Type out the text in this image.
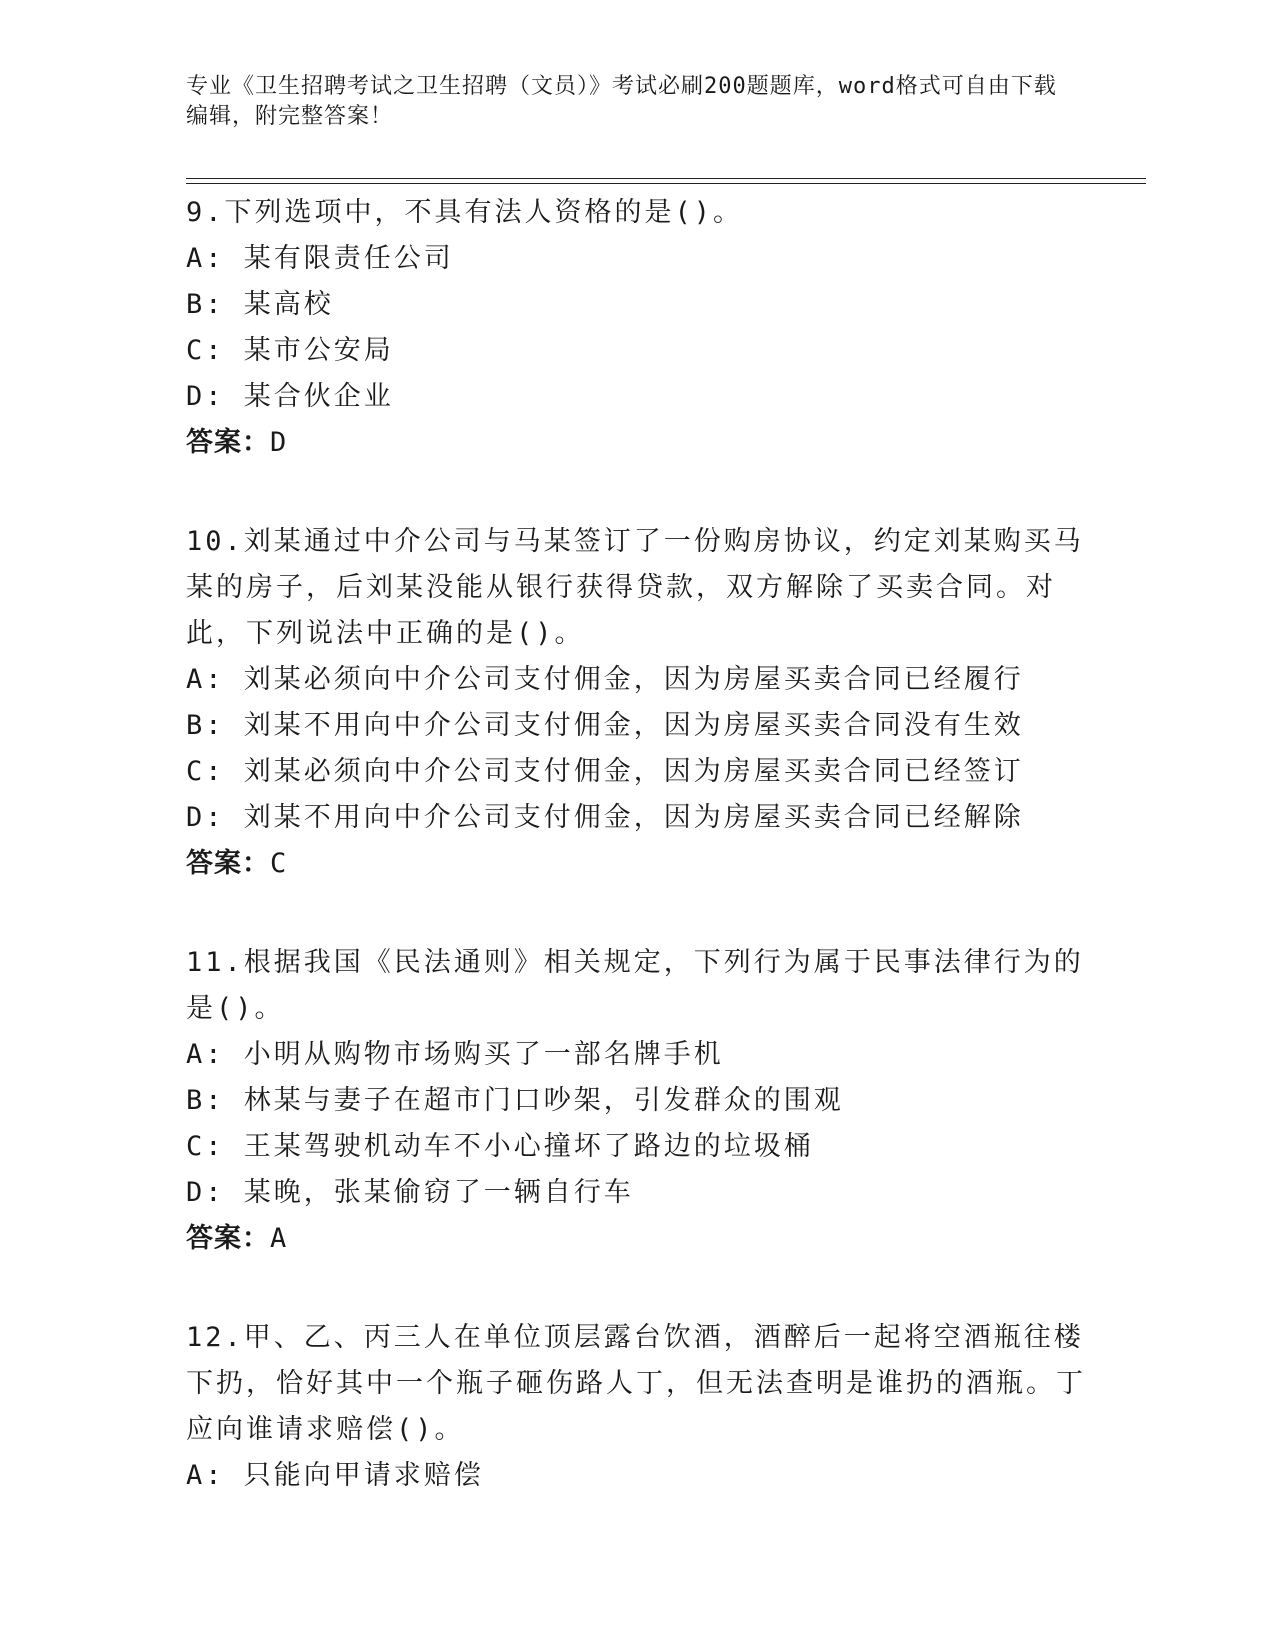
专业《卫生招聘考试之卫生招聘（文员）》考试必刷200题题库，word格式可自由下载编辑，附完整答案！
9.下列选项中，不具有法人资格的是()。
A: 某有限责任公司
B: 某高校
C: 某市公安局
D: 某合伙企业
答案：D
10.刘某通过中介公司与马某签订了一份购房协议，约定刘某购买马某的房子，后刘某没能从银行获得贷款，双方解除了买卖合同。对此，下列说法中正确的是()。
A: 刘某必须向中介公司支付佣金，因为房屋买卖合同已经履行
B: 刘某不用向中介公司支付佣金，因为房屋买卖合同没有生效
C: 刘某必须向中介公司支付佣金，因为房屋买卖合同已经签订
D: 刘某不用向中介公司支付佣金，因为房屋买卖合同已经解除
答案：C
11.根据我国《民法通则》相关规定，下列行为属于民事法律行为的是()。
A: 小明从购物市场购买了一部名牌手机
B: 林某与妻子在超市门口吵架，引发群众的围观
C: 王某驾驶机动车不小心撞坏了路边的垃圾桶
D: 某晚，张某偷窃了一辆自行车
答案：A
12.甲、乙、丙三人在单位顶层露台饮酒，酒醉后一起将空酒瓶往楼下扔，恰好其中一个瓶子砸伤路人丁，但无法查明是谁扔的酒瓶。丁应向谁请求赔偿()。
A: 只能向甲请求赔偿
